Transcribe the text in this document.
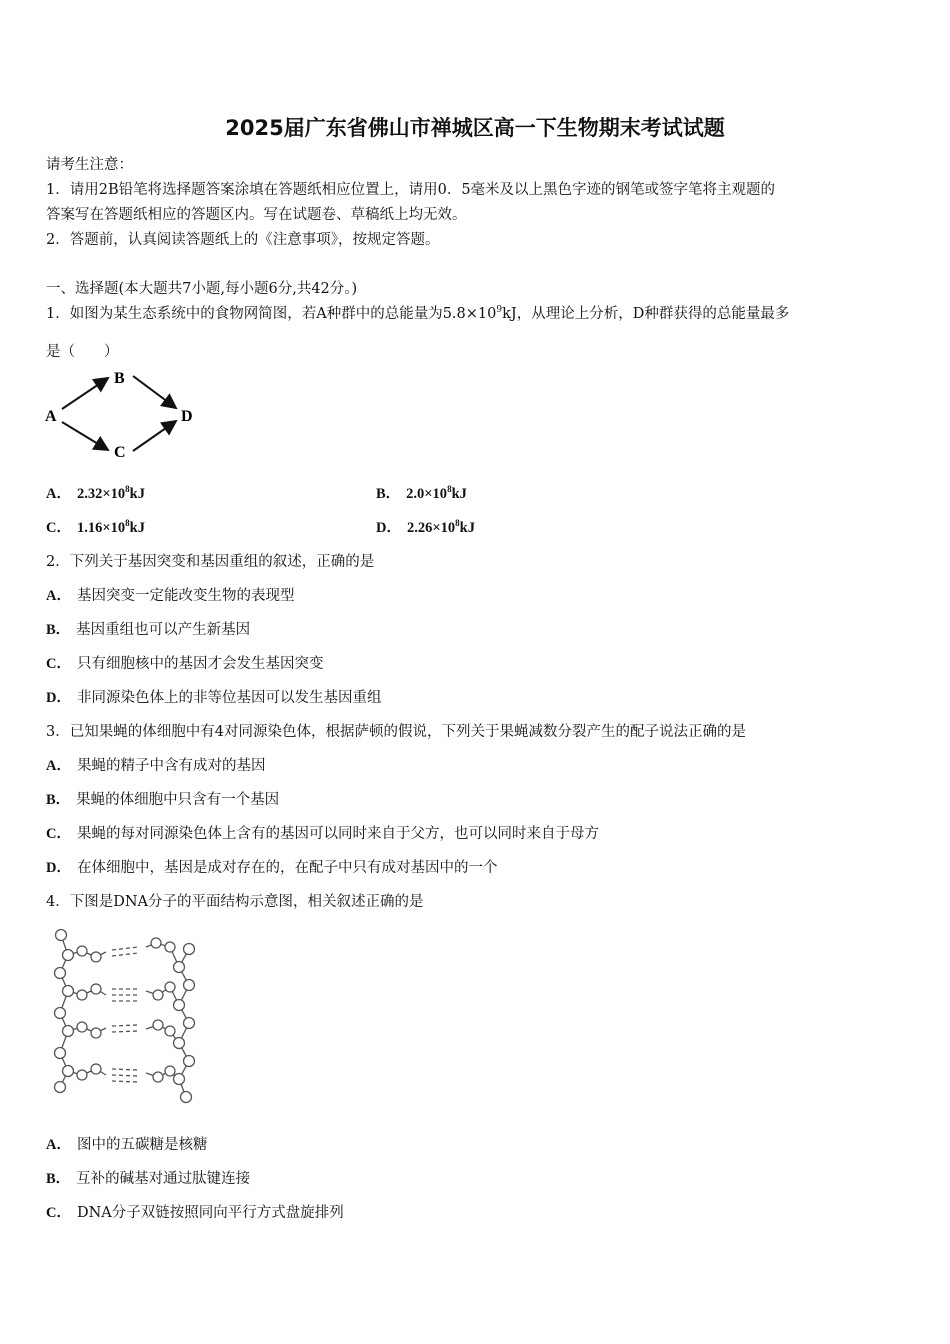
2025届广东省佛山市禅城区高一下生物期末考试试题
请考生注意：
1．请用2B铅笔将选择题答案涂填在答题纸相应位置上，请用0．5毫米及以上黑色字迹的钢笔或签字笔将主观题的
答案写在答题纸相应的答题区内。写在试题卷、草稿纸上均无效。
2．答题前，认真阅读答题纸上的《注意事项》，按规定答题。
一、选择题(本大题共7小题,每小题6分,共42分。)
1．如图为某生态系统中的食物网简图，若A种群中的总能量为$5.8\times 10^9kJ$，从理论上分析，D种群获得的总能量最多
是（　　）
A
B
C
D
A． $2.32\times 10^8kJ$	B． $2.0\times 10^8kJ$
C． $1.16\times 10^8kJ$	D． $2.26\times 10^8kJ$
2．下列关于基因突变和基因重组的叙述，正确的是
A． 基因突变一定能改变生物的表现型
B． 基因重组也可以产生新基因
C． 只有细胞核中的基因才会发生基因突变
D． 非同源染色体上的非等位基因可以发生基因重组
3．已知果蝇的体细胞中有4对同源染色体，根据萨顿的假说，下列关于果蝇减数分裂产生的配子说法正确的是
A． 果蝇的精子中含有成对的基因
B． 果蝇的体细胞中只含有一个基因
C． 果蝇的每对同源染色体上含有的基因可以同时来自于父方，也可以同时来自于母方
D． 在体细胞中，基因是成对存在的，在配子中只有成对基因中的一个
4．下图是DNA分子的平面结构示意图，相关叙述正确的是
A． 图中的五碳糖是核糖
B． 互补的碱基对通过肽键连接
C． DNA分子双链按照同向平行方式盘旋排列
